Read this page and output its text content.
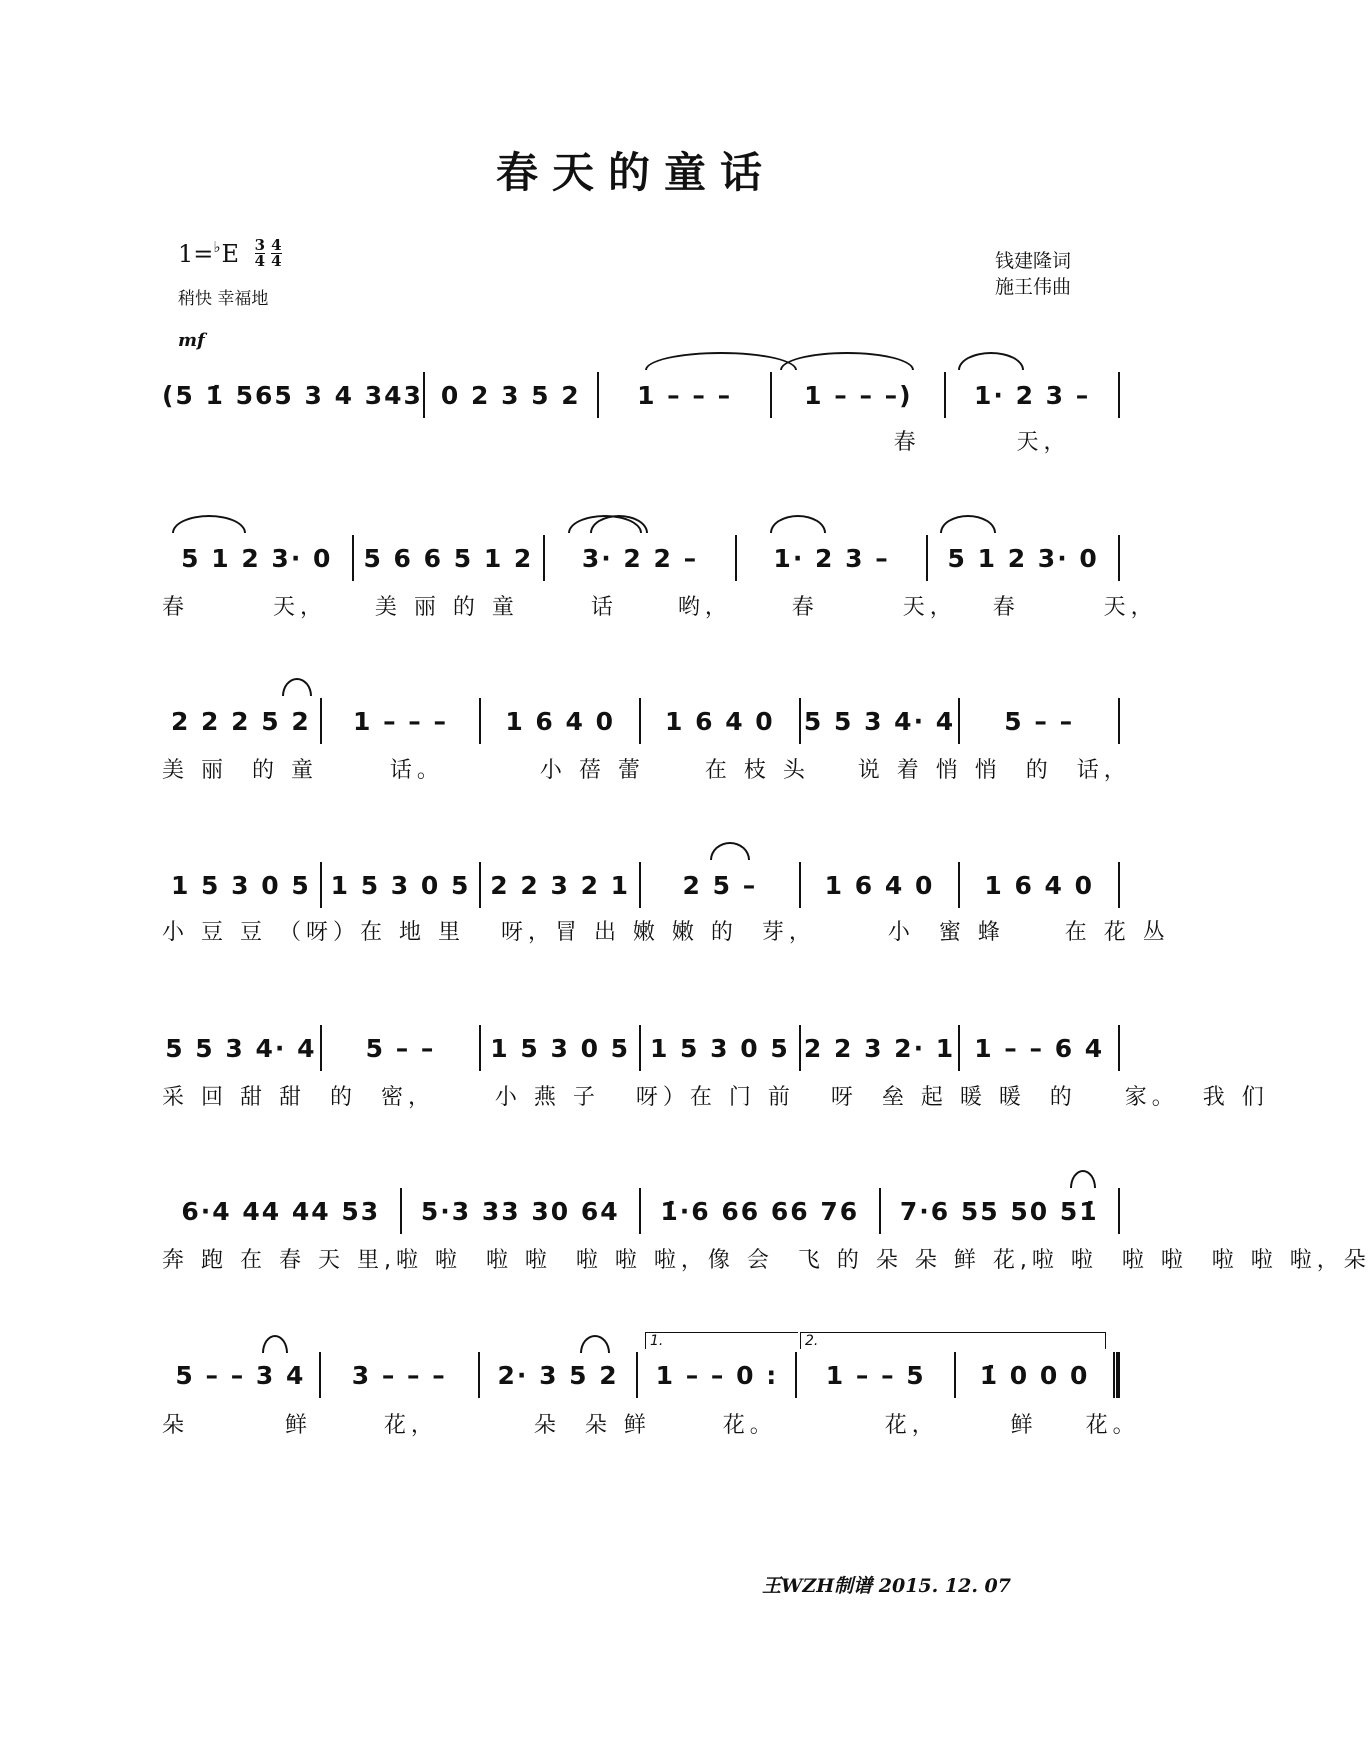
春天的童话
$1=^♭E \frac{3}{4} \frac{4}{4}$
稍快 幸福地
钱建隆词
施王伟曲
mf
(5 1̇ 565 3 4 343 0 2 3 5 2	1 – – –	1 – – –)	1· 2 3 –
春        天，
5 1 2 3· 0	5 6 6 5 1 2	3· 2 2 –	1· 2 3 –	5 1 2 3· 0
春       天，    美 丽 的 童      话     哟，     春       天，   春       天，
2 2 2 5 2	1 – – –	1 6 4 0	1 6 4 0	5 5 3 4· 4	5 – –
美 丽  的 童      话。        小 蓓 蕾     在 枝 头    说 着 悄 悄  的  话，
1 5 3 0 5 1 5 3 0 5 2 2 3 2 1	2 5 –	1 6 4 0	1 6 4 0
小 豆 豆 （呀）在 地 里   呀，冒 出 嫩 嫩 的  芽，      小  蜜 蜂     在 花 丛
5 5 3 4· 4	5 – –	1 5 3 0 5 1 5 3 0 5 2 2 3 2· 1 1 – – 6 4
采 回 甜 甜  的  密，     小 燕 子   呀）在 门 前   呀  垒 起 暖 暖  的    家。  我 们
6·4 44 44 53	5·3 33 30 64	1̇·6 66 66 76	7·6 55 50 51̇
奔 跑 在 春 天 里,啦 啦  啦 啦  啦 啦 啦，像 会  飞 的 朵 朵 鲜 花,啦 啦  啦 啦  啦 啦 啦，朵
5 – – 3 4	3 – – –	2· 3 5 2	1 – – 0 :	1 – – 5	1̇ 0 0 0
朵        鲜      花，        朵  朵 鲜      花。         花，      鲜    花。
1.	2.
王WZH制谱 2015. 12. 07
